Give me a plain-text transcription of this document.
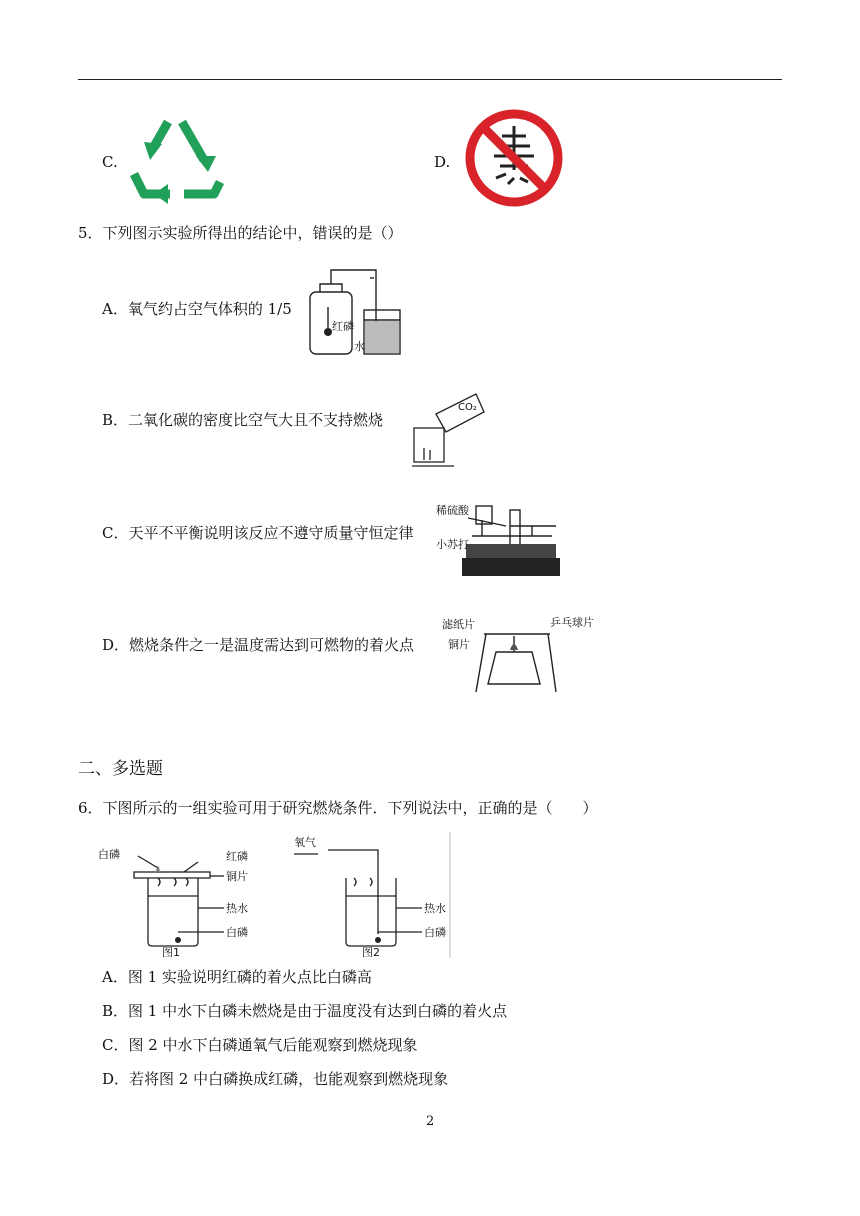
C.	D.
5．下列图示实验所得出的结论中，错误的是（）
A．氧气约占空气体积的 1/5
红磷
水
B．二氧化碳的密度比空气大且不支持燃烧
CO₂
C．天平不平衡说明该反应不遵守质量守恒定律
稀硫酸
小苏打
D．燃烧条件之一是温度需达到可燃物的着火点
滤纸片
铜片
乒乓球片
二、多选题
6．下图所示的一组实验可用于研究燃烧条件．下列说法中，正确的是（　　）
白磷	红磷
铜片
热水
白磷
图1
氧气
热水
白磷
图2
A．图 1 实验说明红磷的着火点比白磷高
B．图 1 中水下白磷未燃烧是由于温度没有达到白磷的着火点
C．图 2 中水下白磷通氧气后能观察到燃烧现象
D．若将图 2 中白磷换成红磷，也能观察到燃烧现象
2
